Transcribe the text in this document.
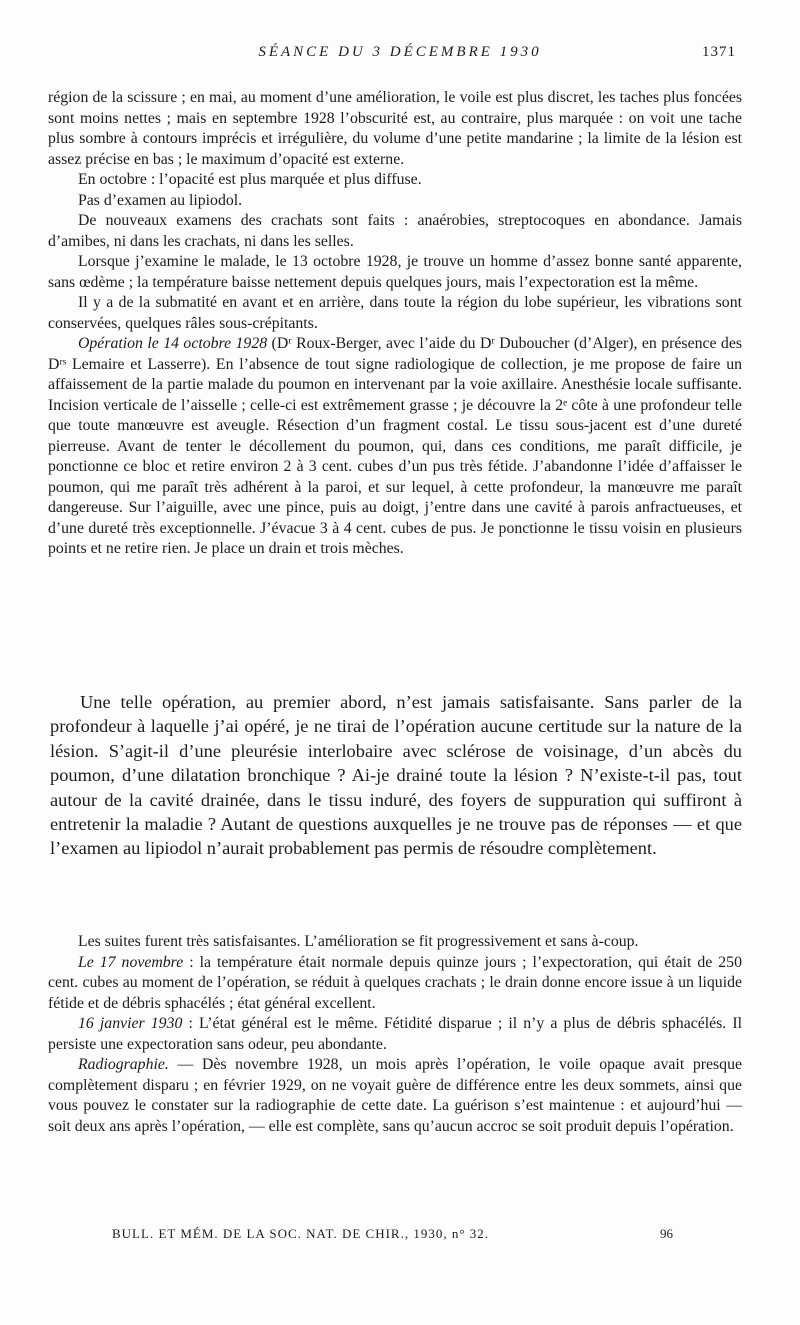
SÉANCE DU 3 DÉCEMBRE 1930	1371

région de la scissure ; en mai, au moment d’une amélioration, le voile est plus discret, les taches plus foncées sont moins nettes ; mais en septembre 1928 l’obscurité est, au contraire, plus marquée : on voit une tache plus sombre à contours imprécis et irrégulière, du volume d’une petite mandarine ; la limite de la lésion est assez précise en bas ; le maximum d’opacité est externe.

En octobre : l’opacité est plus marquée et plus diffuse.

Pas d’examen au lipiodol.

De nouveaux examens des crachats sont faits : anaérobies, streptocoques en abondance. Jamais d’amibes, ni dans les crachats, ni dans les selles.

Lorsque j’examine le malade, le 13 octobre 1928, je trouve un homme d’assez bonne santé apparente, sans œdème ; la température baisse nettement depuis quelques jours, mais l’expectoration est la même.

Il y a de la submatité en avant et en arrière, dans toute la région du lobe supérieur, les vibrations sont conservées, quelques râles sous-crépitants.

Opération le 14 octobre 1928 (Dʳ Roux-Berger, avec l’aide du Dʳ Duboucher (d’Alger), en présence des Dʳˢ Lemaire et Lasserre). En l’absence de tout signe radiologique de collection, je me propose de faire un affaissement de la partie malade du poumon en intervenant par la voie axillaire. Anesthésie locale suffisante. Incision verticale de l’aisselle ; celle-ci est extrêmement grasse ; je découvre la 2ᵉ côte à une profondeur telle que toute manœuvre est aveugle. Résection d’un fragment costal. Le tissu sous-jacent est d’une dureté pierreuse. Avant de tenter le décollement du poumon, qui, dans ces conditions, me paraît difficile, je ponctionne ce bloc et retire environ 2 à 3 cent. cubes d’un pus très fétide. J’abandonne l’idée d’affaisser le poumon, qui me paraît très adhérent à la paroi, et sur lequel, à cette profondeur, la manœuvre me paraît dangereuse. Sur l’aiguille, avec une pince, puis au doigt, j’entre dans une cavité à parois anfractueuses, et d’une dureté très exceptionnelle. J’évacue 3 à 4 cent. cubes de pus. Je ponctionne le tissu voisin en plusieurs points et ne retire rien. Je place un drain et trois mèches.

Une telle opération, au premier abord, n’est jamais satisfaisante. Sans parler de la profondeur à laquelle j’ai opéré, je ne tirai de l’opération aucune certitude sur la nature de la lésion. S’agit-il d’une pleurésie interlobaire avec sclérose de voisinage, d’un abcès du poumon, d’une dilatation bronchique ? Ai-je drainé toute la lésion ? N’existe-t-il pas, tout autour de la cavité drainée, dans le tissu induré, des foyers de suppuration qui suffiront à entretenir la maladie ? Autant de questions auxquelles je ne trouve pas de réponses — et que l’examen au lipiodol n’aurait probablement pas permis de résoudre complètement.

Les suites furent très satisfaisantes. L’amélioration se fit progressivement et sans à-coup.

Le 17 novembre : la température était normale depuis quinze jours ; l’expectoration, qui était de 250 cent. cubes au moment de l’opération, se réduit à quelques crachats ; le drain donne encore issue à un liquide fétide et de débris sphacélés ; état général excellent.

16 janvier 1930 : L’état général est le même. Fétidité disparue ; il n’y a plus de débris sphacélés. Il persiste une expectoration sans odeur, peu abondante.

Radiographie. — Dès novembre 1928, un mois après l’opération, le voile opaque avait presque complètement disparu ; en février 1929, on ne voyait guère de différence entre les deux sommets, ainsi que vous pouvez le constater sur la radiographie de cette date. La guérison s’est maintenue : et aujourd’hui — soit deux ans après l’opération, — elle est complète, sans qu’aucun accroc se soit produit depuis l’opération.

BULL. ET MÉM. DE LA SOC. NAT. DE CHIR., 1930, n° 32.	96
